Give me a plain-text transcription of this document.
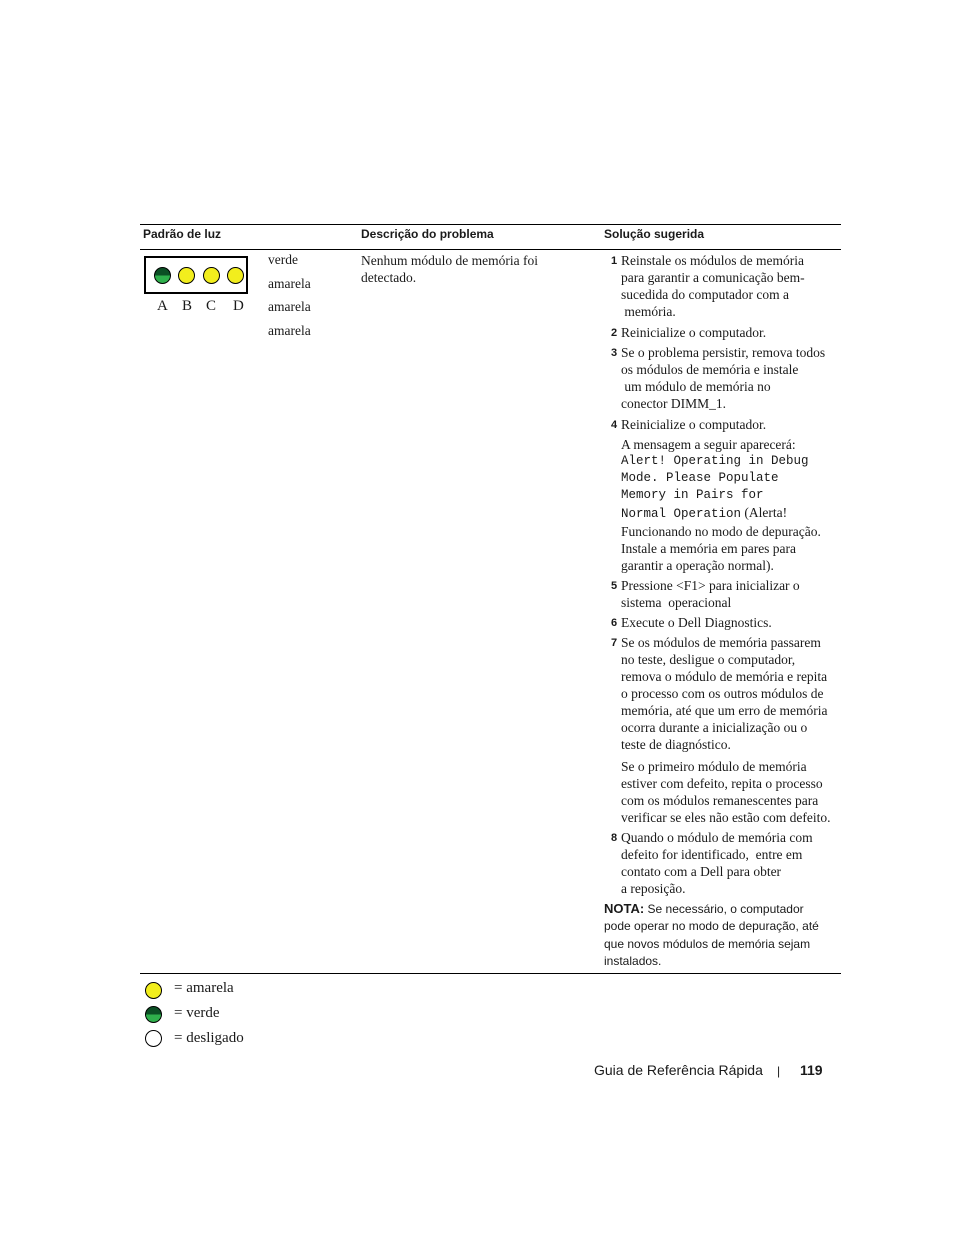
Padrão de luz	Descrição do problema	Solução sugerida
A B C D
verde
amarela
amarela
amarela
Nenhum módulo de memória foi
detectado.
1 Reinstale os módulos de memória
para garantir a comunicação bem-
sucedida do computador com a
memória.
2 Reinicialize o computador.
3 Se o problema persistir, remova todos
os módulos de memória e instale
um módulo de memória no
conector DIMM_1.
4 Reinicialize o computador.
A mensagem a seguir aparecerá:
Alert! Operating in Debug
Mode. Please Populate
Memory in Pairs for
Normal Operation (Alerta!
Funcionando no modo de depuração.
Instale a memória em pares para
garantir a operação normal).
5 Pressione <F1> para inicializar o
sistema  operacional
6 Execute o Dell Diagnostics.
7 Se os módulos de memória passarem
no teste, desligue o computador,
remova o módulo de memória e repita
o processo com os outros módulos de
memória, até que um erro de memória
ocorra durante a inicialização ou o
teste de diagnóstico.
Se o primeiro módulo de memória
estiver com defeito, repita o processo
com os módulos remanescentes para
verificar se eles não estão com defeito.
8 Quando o módulo de memória com
defeito for identificado,  entre em
contato com a Dell para obter
a reposição.
NOTA: Se necessário, o computador
pode operar no modo de depuração, até
que novos módulos de memória sejam
instalados.
= amarela
= verde
= desligado
Guia de Referência Rápida | 119
